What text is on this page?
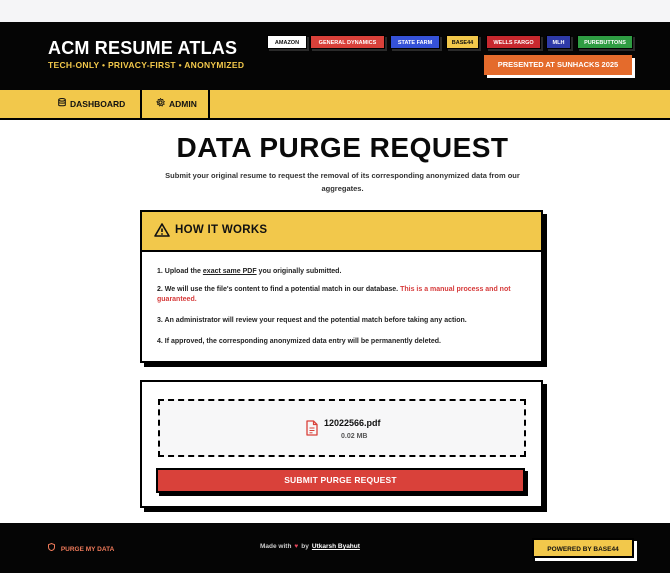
ACM RESUME ATLAS
TECH-ONLY • PRIVACY-FIRST • ANONYMIZED
AMAZON	GENERAL DYNAMICS	STATE FARM	BASE44	WELLS FARGO	MLH	PUREBUTTONS
PRESENTED AT SUNHACKS 2025
DASHBOARD	ADMIN
DATA PURGE REQUEST
Submit your original resume to request the removal of its corresponding anonymized data from our aggregates.
HOW IT WORKS
1. Upload the exact same PDF you originally submitted.
2. We will use the file's content to find a potential match in our database. This is a manual process and not guaranteed.
3. An administrator will review your request and the potential match before taking any action.
4. If approved, the corresponding anonymized data entry will be permanently deleted.
12022566.pdf
0.02 MB
SUBMIT PURGE REQUEST
PURGE MY DATA	Made with ♥ by Utkarsh Byahut	POWERED BY BASE44
